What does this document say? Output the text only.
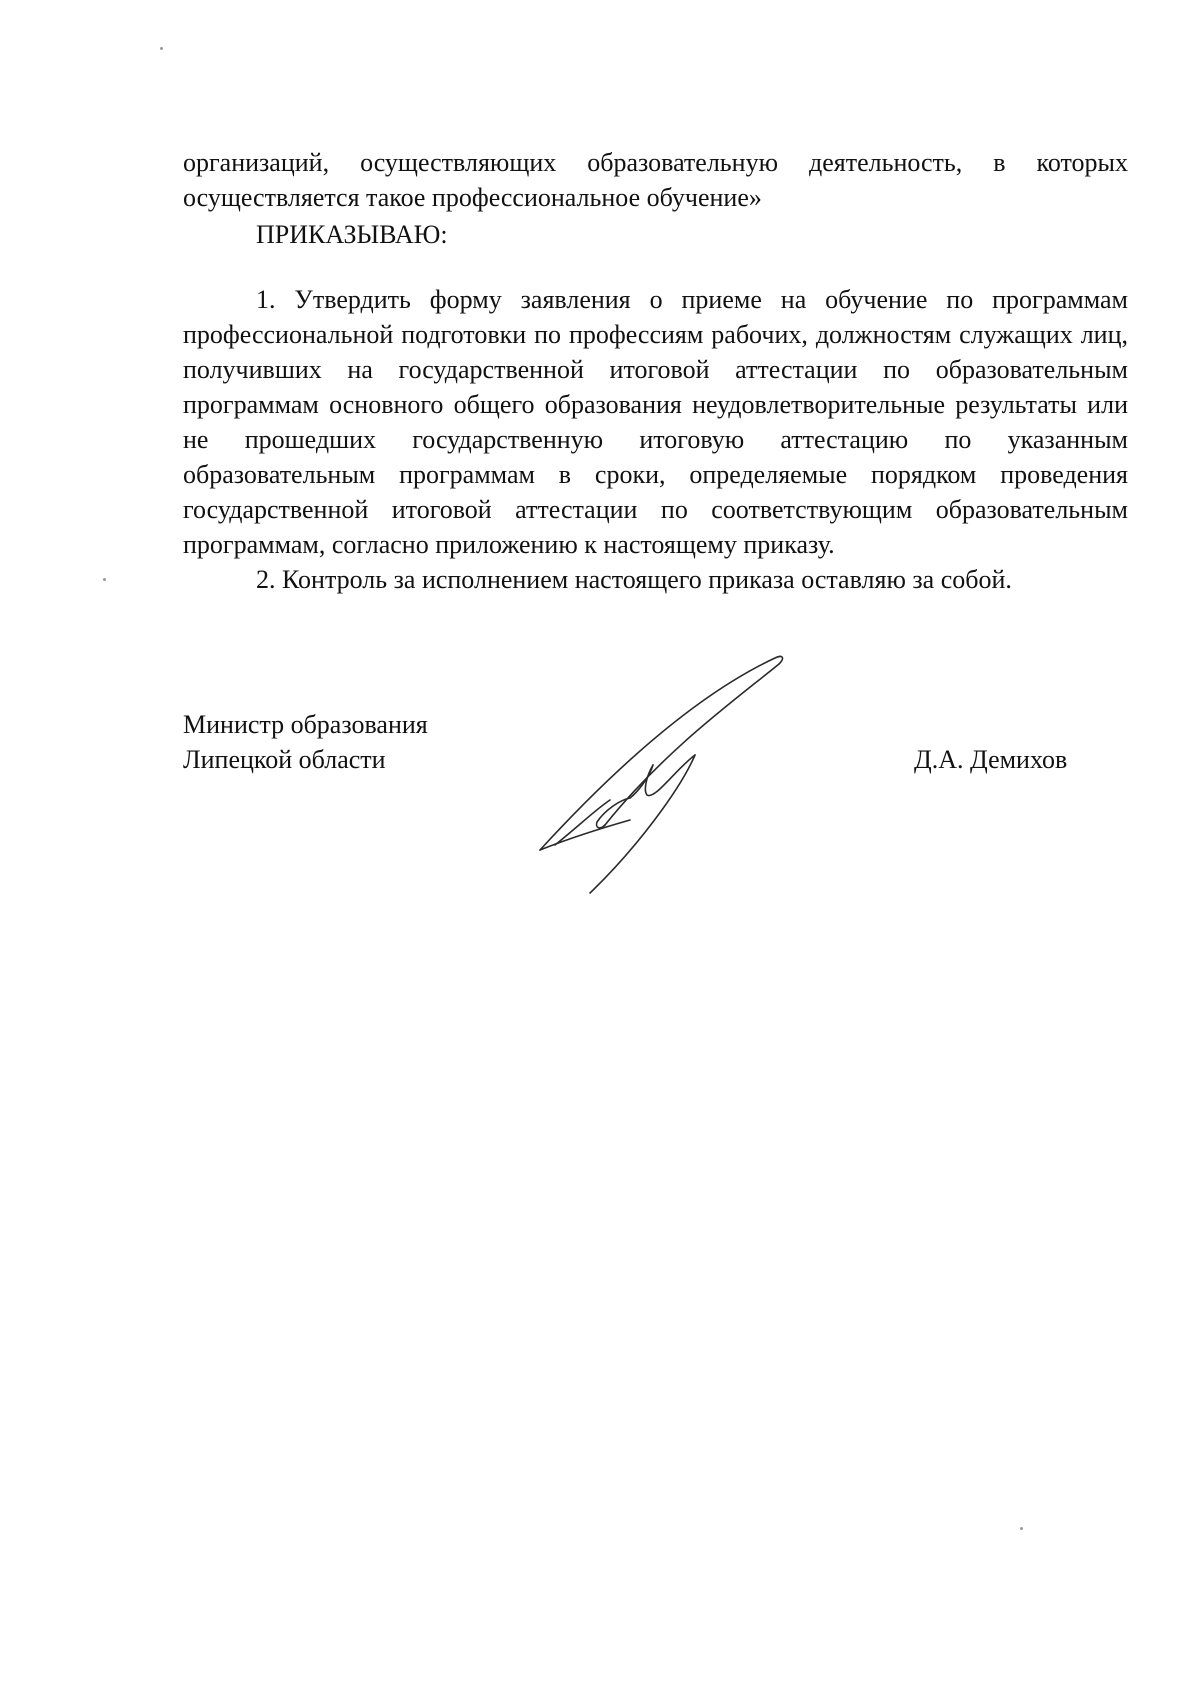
организаций, осуществляющих образовательную деятельность, в которых осуществляется такое профессиональное обучение»

ПРИКАЗЫВАЮ:

1. Утвердить форму заявления о приеме на обучение по программам профессиональной подготовки по профессиям рабочих, должностям служащих лиц, получивших на государственной итоговой аттестации по образовательным программам основного общего образования неудовлетворительные результаты или не прошедших государственную итоговую аттестацию по указанным образовательным программам в сроки, определяемые порядком проведения государственной итоговой аттестации по соответствующим образовательным программам, согласно приложению к настоящему приказу.

2. Контроль за исполнением настоящего приказа оставляю за собой.

Министр образования
Липецкой области	Д.А. Демихов
